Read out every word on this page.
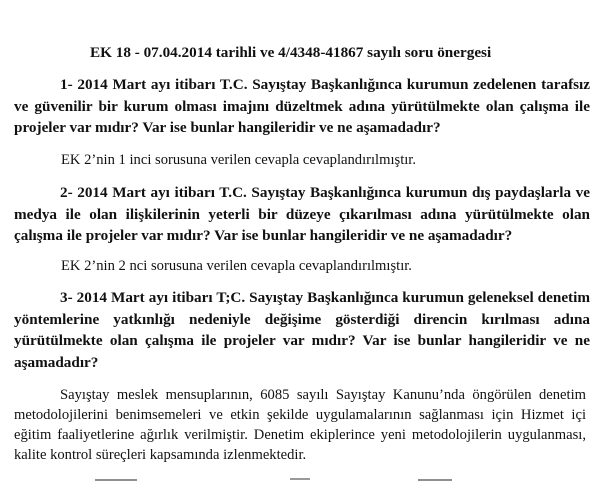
EK 18 - 07.04.2014 tarihli ve 4/4348-41867 sayılı soru önergesi

1- 2014 Mart ayı itibarı T.C. Sayıştay Başkanlığınca kurumun zedelenen tarafsız ve güvenilir bir kurum olması imajını düzeltmek adına yürütülmekte olan çalışma ile projeler var mıdır? Var ise bunlar hangileridir ve ne aşamadadır?

EK 2’nin 1 inci sorusuna verilen cevapla cevaplandırılmıştır.

2- 2014 Mart ayı itibarı T.C. Sayıştay Başkanlığınca kurumun dış paydaşlarla ve medya ile olan ilişkilerinin yeterli bir düzeye çıkarılması adına yürütülmekte olan çalışma ile projeler var mıdır? Var ise bunlar hangileridir ve ne aşamadadır?

EK 2’nin 2 nci sorusuna verilen cevapla cevaplandırılmıştır.

3- 2014 Mart ayı itibarı T;C. Sayıştay Başkanlığınca kurumun geleneksel denetim yöntemlerine yatkınlığı nedeniyle değişime gösterdiği direncin kırılması adına yürütülmekte olan çalışma ile projeler var mıdır? Var ise bunlar hangileridir ve ne aşamadadır?

Sayıştay meslek mensuplarının, 6085 sayılı Sayıştay Kanunu’nda öngörülen denetim metodolojilerini benimsemeleri ve etkin şekilde uygulamalarının sağlanması için Hizmet içi eğitim faaliyetlerine ağırlık verilmiştir. Denetim ekiplerince yeni metodolojilerin uygulanması, kalite kontrol süreçleri kapsamında izlenmektedir.
